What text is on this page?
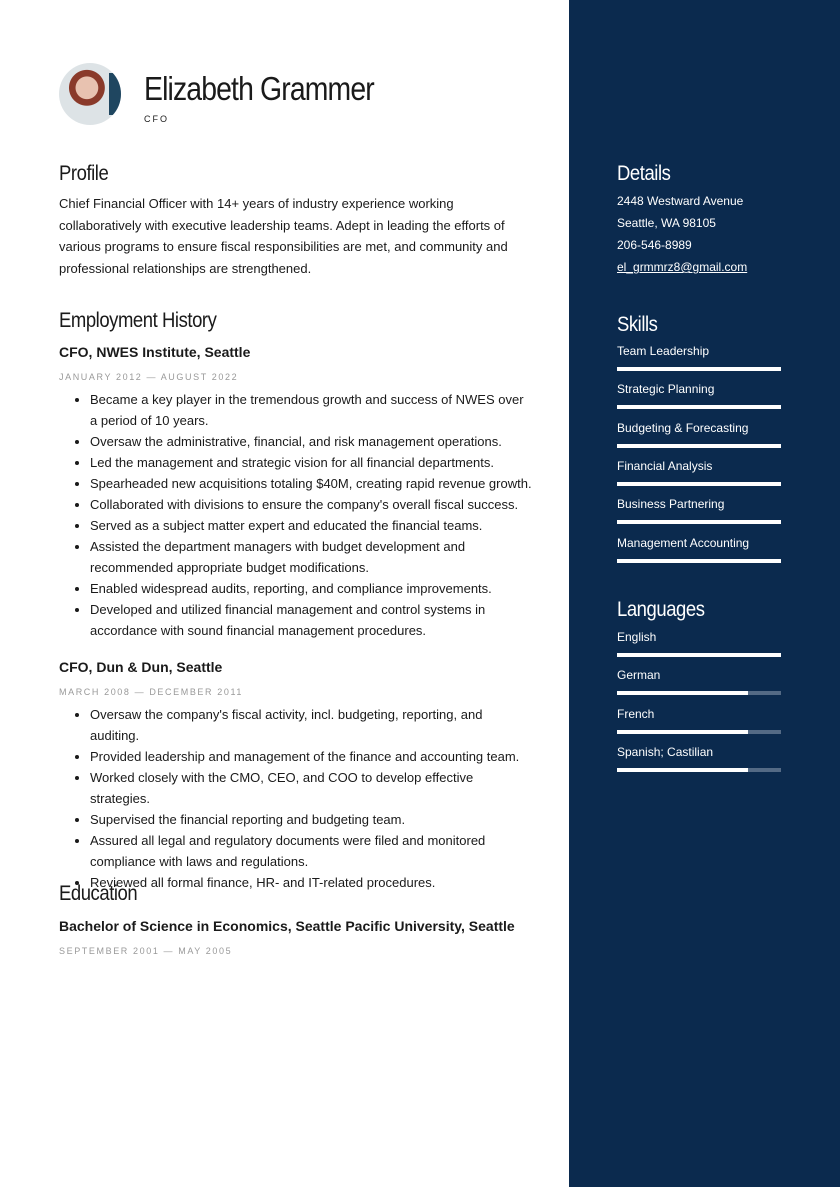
Elizabeth Grammer
CFO
Profile

Chief Financial Officer with 14+ years of industry experience working collaboratively with executive leadership teams. Adept in leading the efforts of various programs to ensure fiscal responsibilities are met, and community and professional relationships are strengthened.

Employment History
CFO, NWES Institute, Seattle
JANUARY 2012 — AUGUST 2022
• Became a key player in the tremendous growth and success of NWES over a period of 10 years.
• Oversaw the administrative, financial, and risk management operations.
• Led the management and strategic vision for all financial departments.
• Spearheaded new acquisitions totaling $40M, creating rapid revenue growth.
• Collaborated with divisions to ensure the company's overall fiscal success.
• Served as a subject matter expert and educated the financial teams.
• Assisted the department managers with budget development and recommended appropriate budget modifications.
• Enabled widespread audits, reporting, and compliance improvements.
• Developed and utilized financial management and control systems in accordance with sound financial management procedures.
CFO, Dun & Dun, Seattle
MARCH 2008 — DECEMBER 2011
• Oversaw the company's fiscal activity, incl. budgeting, reporting, and auditing.
• Provided leadership and management of the finance and accounting team.
• Worked closely with the CMO, CEO, and COO to develop effective strategies.
• Supervised the financial reporting and budgeting team.
• Assured all legal and regulatory documents were filed and monitored compliance with laws and regulations.
• Reviewed all formal finance, HR- and IT-related procedures.
Education
Bachelor of Science in Economics, Seattle Pacific University, Seattle
SEPTEMBER 2001 — MAY 2005
Details
2448 Westward Avenue
Seattle, WA 98105
206-546-8989
el_grmmrz8@gmail.com
Skills
Team Leadership
Strategic Planning
Budgeting & Forecasting
Financial Analysis
Business Partnering
Management Accounting
Languages
English
German
French
Spanish; Castilian
